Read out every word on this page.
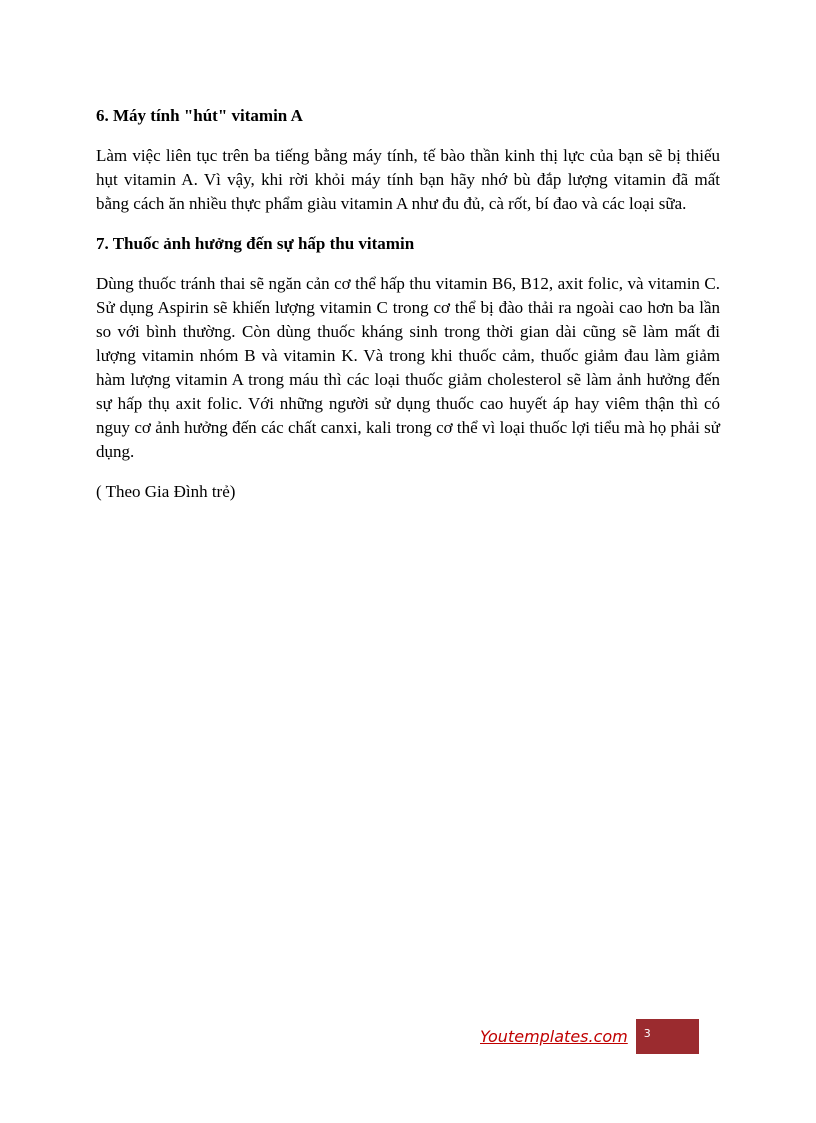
6. Máy tính "hút" vitamin A

Làm việc liên tục trên ba tiếng bằng máy tính, tế bào thần kinh thị lực của bạn sẽ bị thiếu hụt vitamin A. Vì vậy, khi rời khỏi máy tính bạn hãy nhớ bù đắp lượng vitamin đã mất bằng cách ăn nhiều thực phẩm giàu vitamin A như đu đủ, cà rốt, bí đao và các loại sữa.

7. Thuốc ảnh hưởng đến sự hấp thu vitamin

Dùng thuốc tránh thai sẽ ngăn cản cơ thể hấp thu vitamin B6, B12, axit folic, và vitamin C. Sử dụng Aspirin sẽ khiến lượng vitamin C trong cơ thể bị đào thải ra ngoài cao hơn ba lần so với bình thường. Còn dùng thuốc kháng sinh trong thời gian dài cũng sẽ làm mất đi lượng vitamin nhóm B và vitamin K. Và trong khi thuốc cảm, thuốc giảm đau làm giảm hàm lượng vitamin A trong máu thì các loại thuốc giảm cholesterol sẽ làm ảnh hưởng đến sự hấp thụ axit folic. Với những người sử dụng thuốc cao huyết áp hay viêm thận thì có nguy cơ ảnh hưởng đến các chất canxi, kali trong cơ thể vì loại thuốc lợi tiểu mà họ phải sử dụng.

( Theo Gia Đình trẻ)

Youtemplates.com	3
